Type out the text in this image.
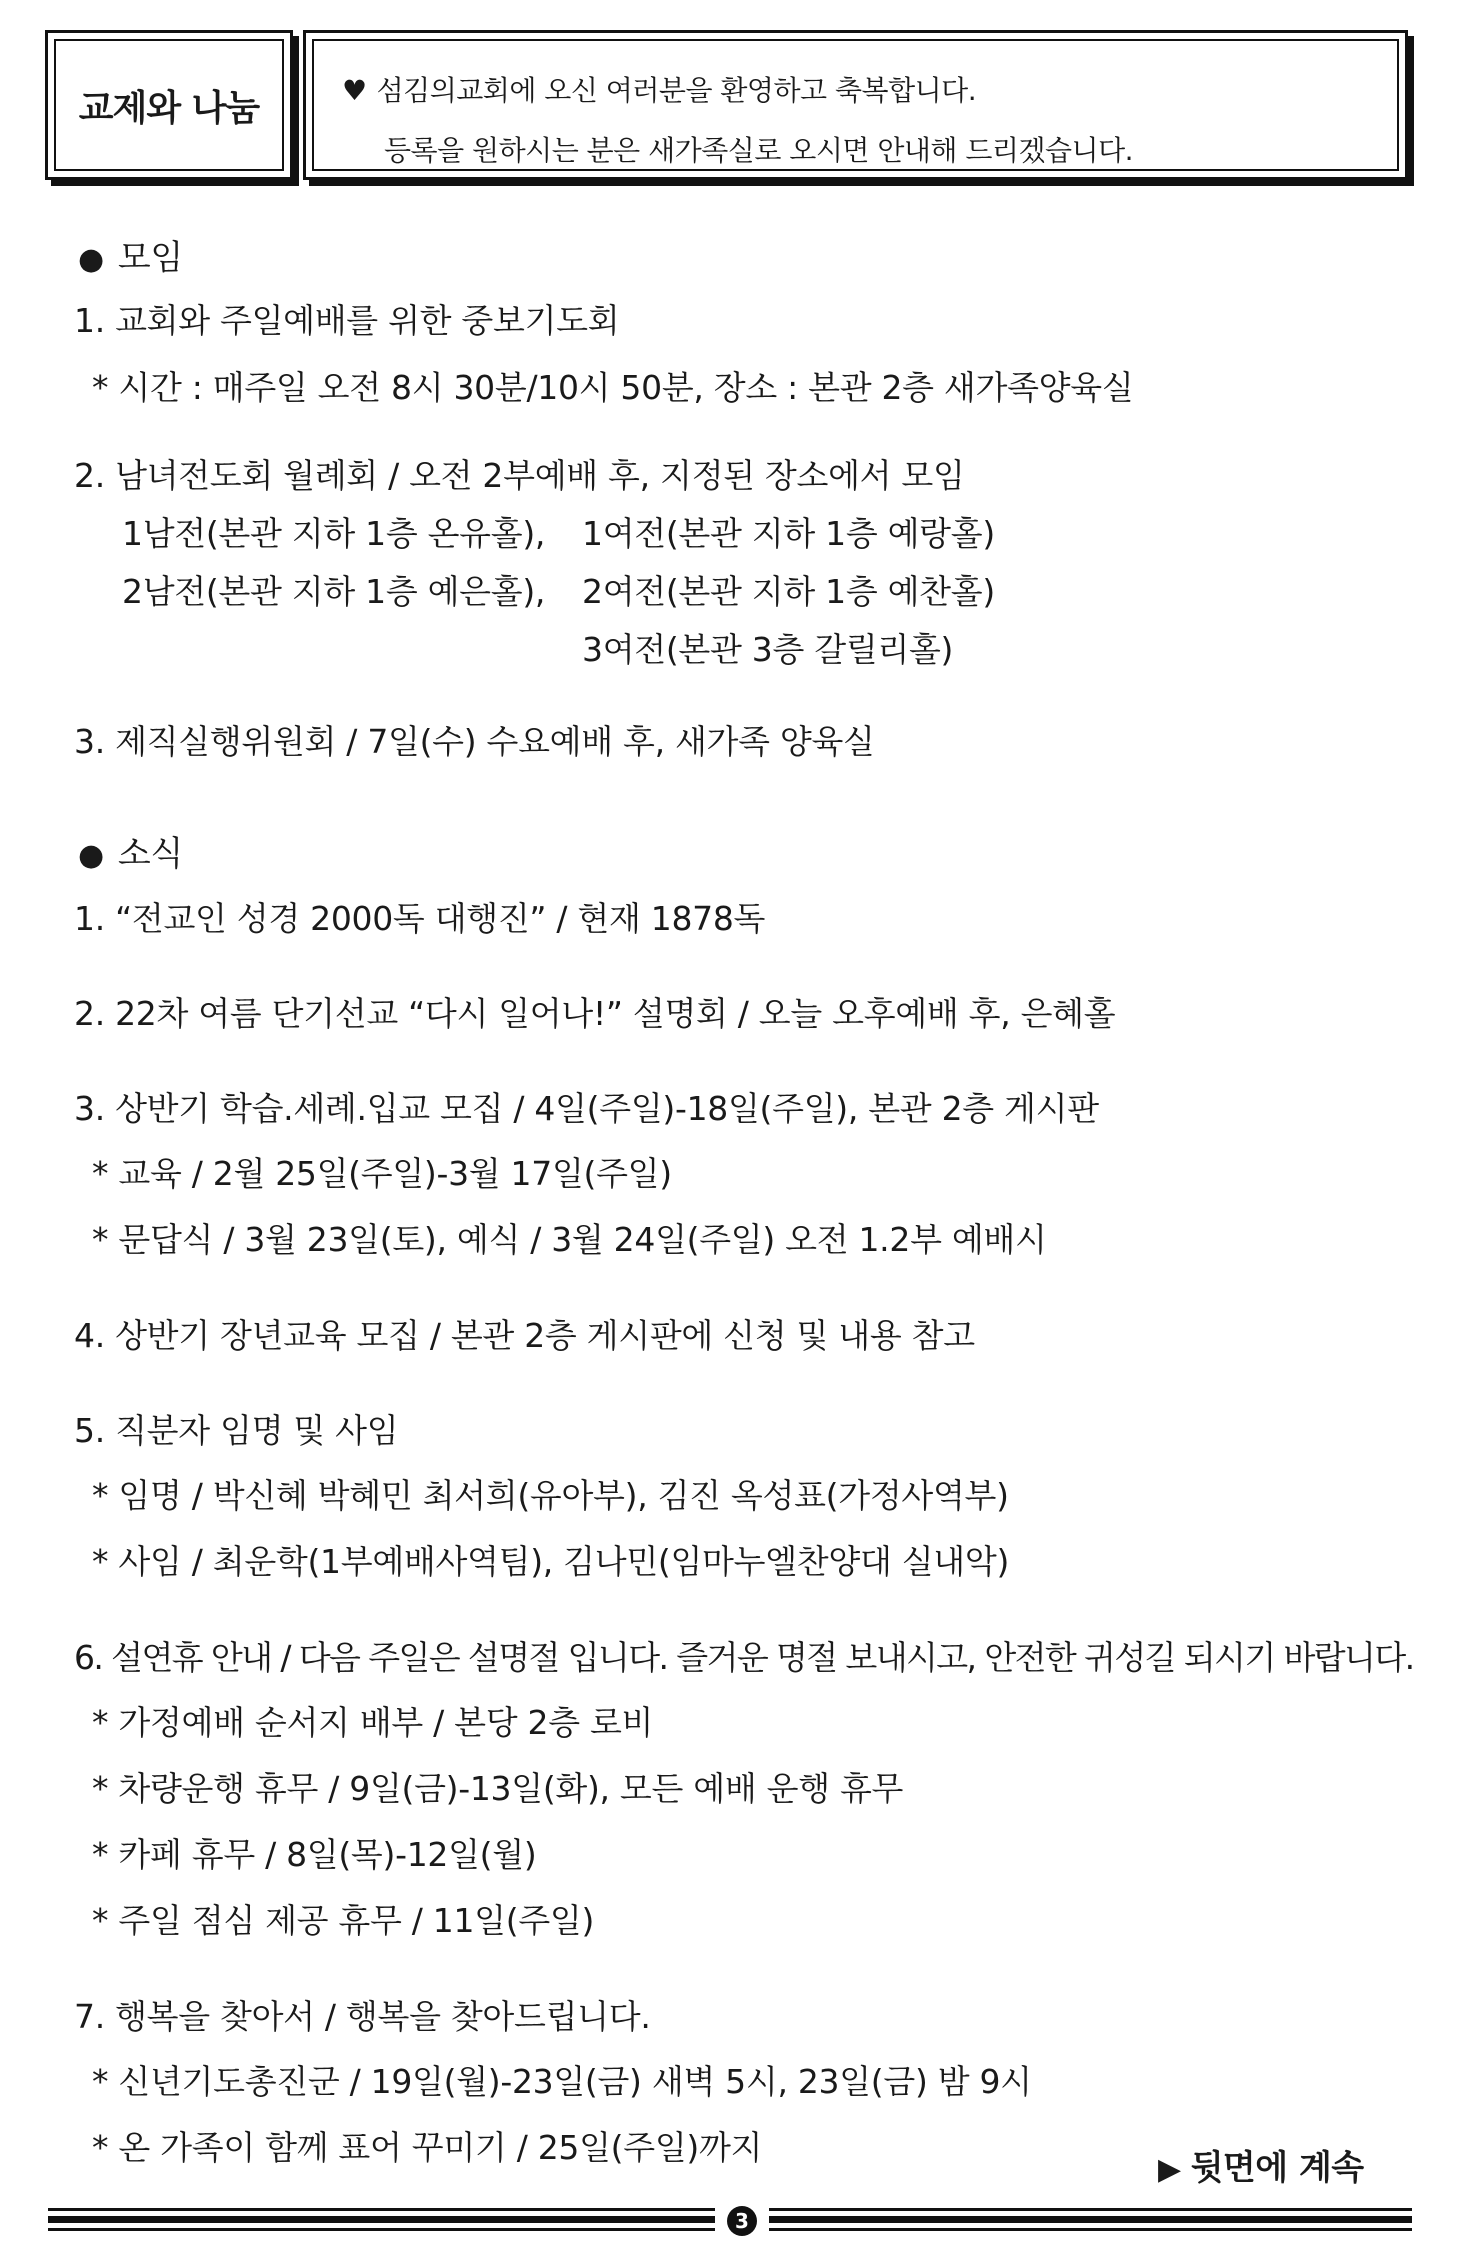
교제와 나눔	♥ 섬김의교회에 오신 여러분을 환영하고 축복합니다.
등록을 원하시는 분은 새가족실로 오시면 안내해 드리겠습니다.
● 모임
1. 교회와 주일예배를 위한 중보기도회
* 시간 : 매주일 오전 8시 30분/10시 50분, 장소 : 본관 2층 새가족양육실
2. 남녀전도회 월례회 / 오전 2부예배 후, 지정된 장소에서 모임
1남전(본관 지하 1층 온유홀), 1여전(본관 지하 1층 예랑홀)
2남전(본관 지하 1층 예은홀), 2여전(본관 지하 1층 예찬홀)
3여전(본관 3층 갈릴리홀)
3. 제직실행위원회 / 7일(수) 수요예배 후, 새가족 양육실
● 소식
1. “전교인 성경 2000독 대행진” / 현재 1878독
2. 22차 여름 단기선교 “다시 일어나!” 설명회 / 오늘 오후예배 후, 은혜홀
3. 상반기 학습.세례.입교 모집 / 4일(주일)-18일(주일), 본관 2층 게시판
* 교육 / 2월 25일(주일)-3월 17일(주일)
* 문답식 / 3월 23일(토), 예식 / 3월 24일(주일) 오전 1.2부 예배시
4. 상반기 장년교육 모집 / 본관 2층 게시판에 신청 및 내용 참고
5. 직분자 임명 및 사임
* 임명 / 박신혜 박혜민 최서희(유아부), 김진 옥성표(가정사역부)
* 사임 / 최운학(1부예배사역팀), 김나민(임마누엘찬양대 실내악)
6. 설연휴 안내 / 다음 주일은 설명절 입니다. 즐거운 명절 보내시고, 안전한 귀성길 되시기 바랍니다.
* 가정예배 순서지 배부 / 본당 2층 로비
* 차량운행 휴무 / 9일(금)-13일(화), 모든 예배 운행 휴무
* 카페 휴무 / 8일(목)-12일(월)
* 주일 점심 제공 휴무 / 11일(주일)
7. 행복을 찾아서 / 행복을 찾아드립니다.
* 신년기도총진군 / 19일(월)-23일(금) 새벽 5시, 23일(금) 밤 9시
* 온 가족이 함께 표어 꾸미기 / 25일(주일)까지
▶ 뒷면에 계속
3
